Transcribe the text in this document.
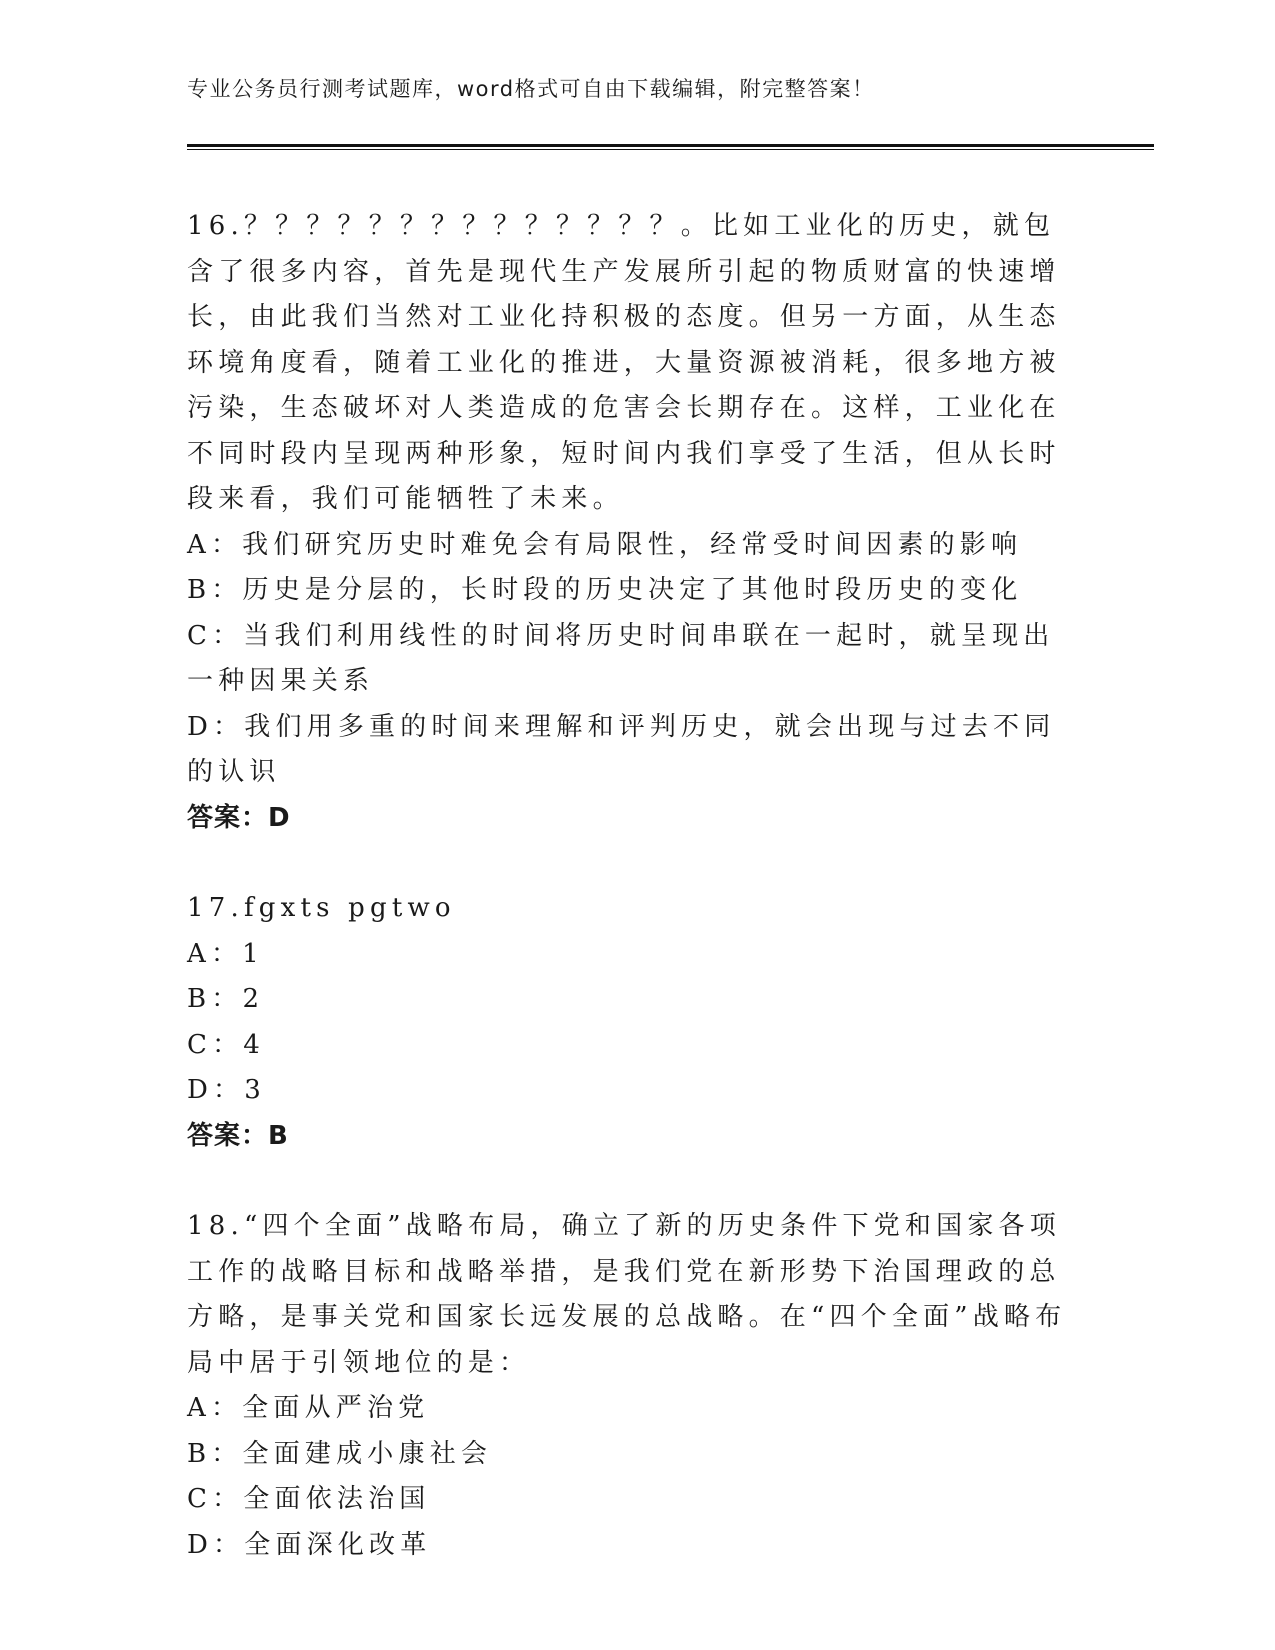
专业公务员行测考试题库，word格式可自由下载编辑，附完整答案！

16.？？？？？？？？？？？？？？。比如工业化的历史，就包含了很多内容，首先是现代生产发展所引起的物质财富的快速增长，由此我们当然对工业化持积极的态度。但另一方面，从生态环境角度看，随着工业化的推进，大量资源被消耗，很多地方被污染，生态破坏对人类造成的危害会长期存在。这样，工业化在不同时段内呈现两种形象，短时间内我们享受了生活，但从长时段来看，我们可能牺牲了未来。

A：我们研究历史时难免会有局限性，经常受时间因素的影响

B：历史是分层的，长时段的历史决定了其他时段历史的变化

C：当我们利用线性的时间将历史时间串联在一起时，就呈现出一种因果关系

D：我们用多重的时间来理解和评判历史，就会出现与过去不同的认识

答案：D

17.fgxts pgtwo

A：1

B：2

C：4

D：3

答案：B

18.“四个全面”战略布局，确立了新的历史条件下党和国家各项工作的战略目标和战略举措，是我们党在新形势下治国理政的总方略，是事关党和国家长远发展的总战略。在“四个全面”战略布局中居于引领地位的是：

A：全面从严治党

B：全面建成小康社会

C：全面依法治国

D：全面深化改革
